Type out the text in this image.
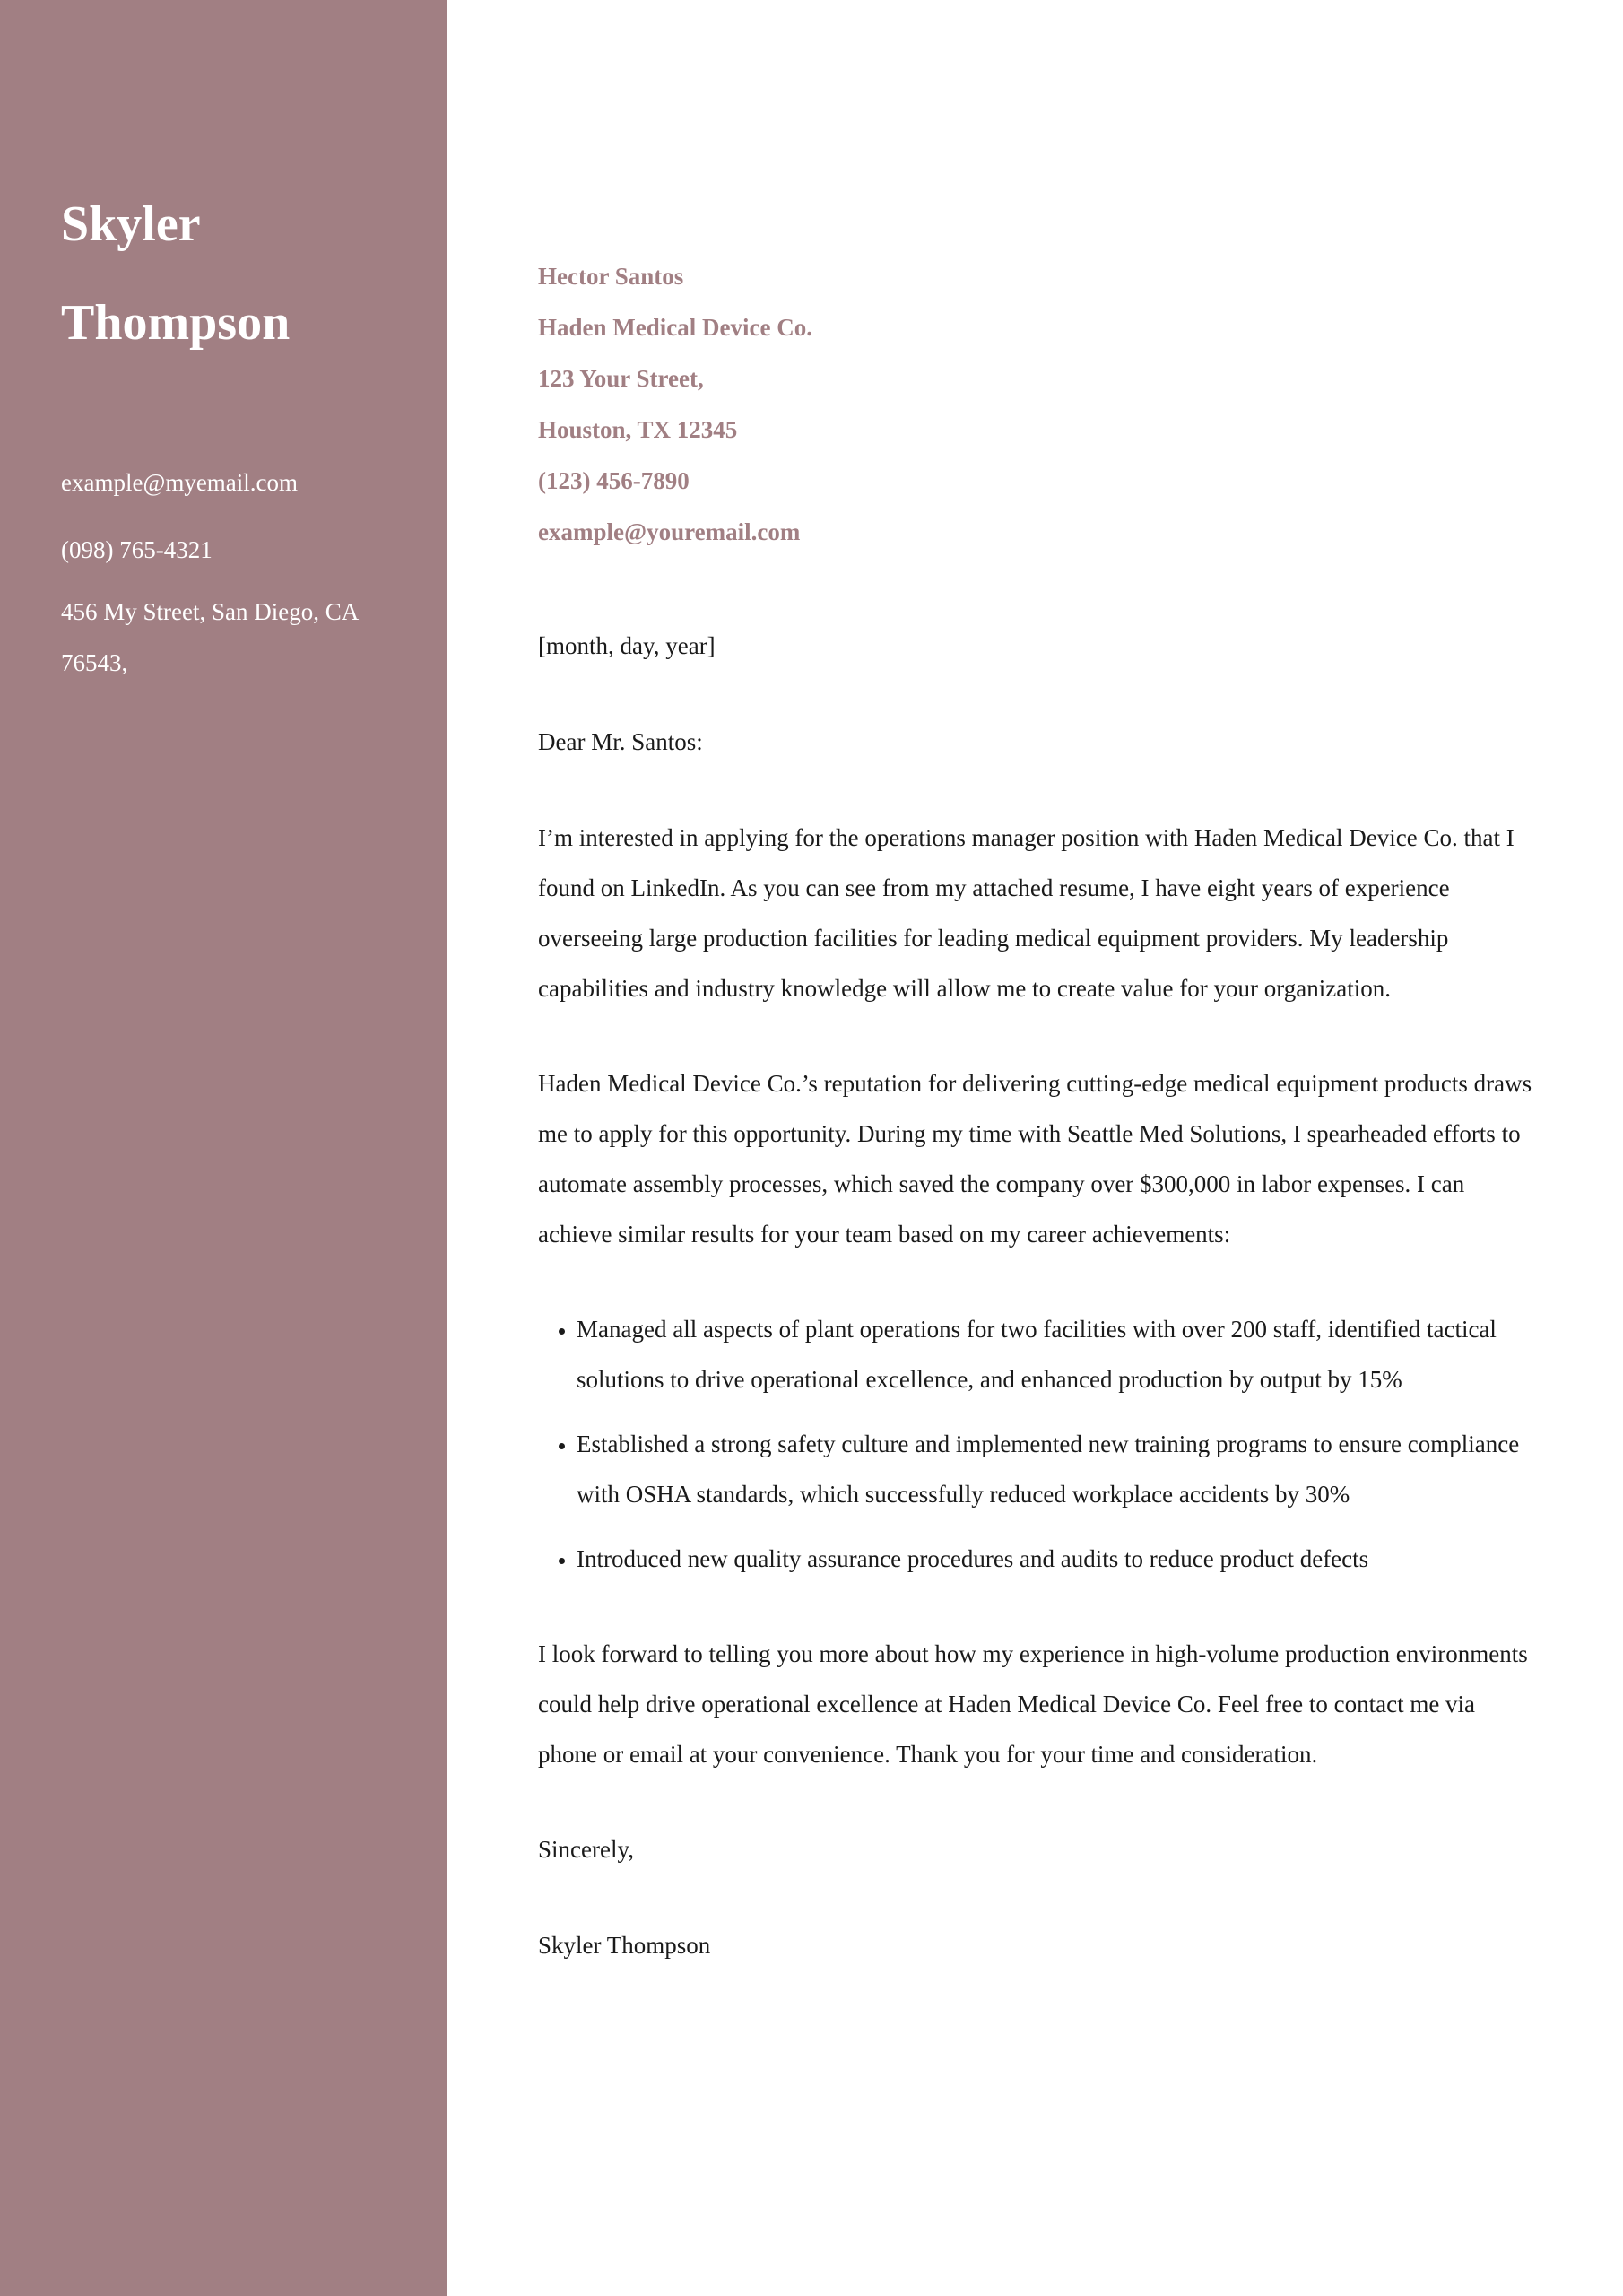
Skyler
Thompson
example@myemail.com
(098) 765-4321
456 My Street, San Diego, CA 76543,
Hector Santos
Haden Medical Device Co.
123 Your Street,
Houston, TX 12345
(123) 456-7890
example@youremail.com
[month, day, year]
Dear Mr. Santos:
I’m interested in applying for the operations manager position with Haden Medical Device Co. that I found on LinkedIn. As you can see from my attached resume, I have eight years of experience overseeing large production facilities for leading medical equipment providers. My leadership capabilities and industry knowledge will allow me to create value for your organization.
Haden Medical Device Co.’s reputation for delivering cutting-edge medical equipment products draws me to apply for this opportunity. During my time with Seattle Med Solutions, I spearheaded efforts to automate assembly processes, which saved the company over $300,000 in labor expenses. I can achieve similar results for your team based on my career achievements:
• Managed all aspects of plant operations for two facilities with over 200 staff, identified tactical solutions to drive operational excellence, and enhanced production by output by 15%
• Established a strong safety culture and implemented new training programs to ensure compliance with OSHA standards, which successfully reduced workplace accidents by 30%
• Introduced new quality assurance procedures and audits to reduce product defects
I look forward to telling you more about how my experience in high-volume production environments could help drive operational excellence at Haden Medical Device Co. Feel free to contact me via phone or email at your convenience. Thank you for your time and consideration.
Sincerely,
Skyler Thompson
